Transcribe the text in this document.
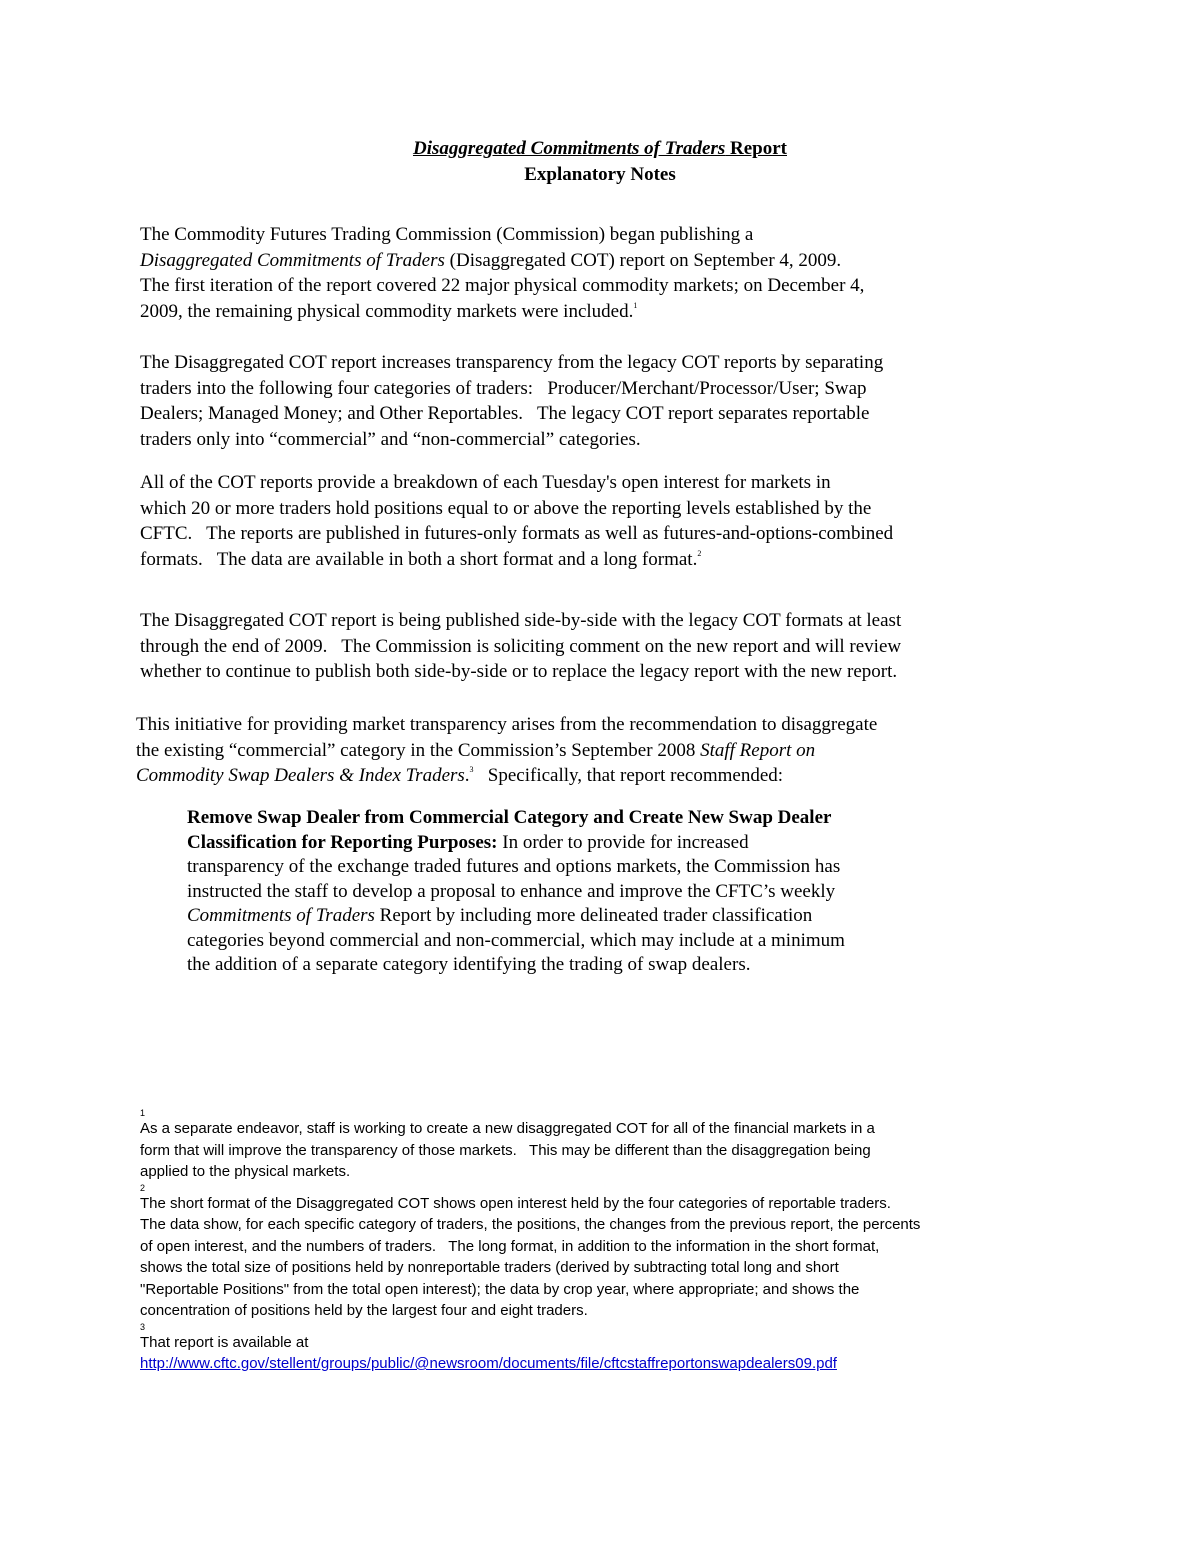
Disaggregated Commitments of Traders Report
Explanatory Notes
The Commodity Futures Trading Commission (Commission) began publishing a
Disaggregated Commitments of Traders (Disaggregated COT) report on September 4, 2009.
The first iteration of the report covered 22 major physical commodity markets; on December 4,
2009, the remaining physical commodity markets were included.$^1$
The Disaggregated COT report increases transparency from the legacy COT reports by separating
traders into the following four categories of traders:   Producer/Merchant/Processor/User; Swap
Dealers; Managed Money; and Other Reportables.   The legacy COT report separates reportable
traders only into “commercial” and “non-commercial” categories.
All of the COT reports provide a breakdown of each Tuesday's open interest for markets in
which 20 or more traders hold positions equal to or above the reporting levels established by the
CFTC.   The reports are published in futures-only formats as well as futures-and-options-combined
formats.   The data are available in both a short format and a long format.$^2$
The Disaggregated COT report is being published side-by-side with the legacy COT formats at least
through the end of 2009.   The Commission is soliciting comment on the new report and will review
whether to continue to publish both side-by-side or to replace the legacy report with the new report.
This initiative for providing market transparency arises from the recommendation to disaggregate
the existing “commercial” category in the Commission’s September 2008 Staff Report on
Commodity Swap Dealers & Index Traders.$^3$   Specifically, that report recommended:
Remove Swap Dealer from Commercial Category and Create New Swap Dealer
Classification for Reporting Purposes: In order to provide for increased
transparency of the exchange traded futures and options markets, the Commission has
instructed the staff to develop a proposal to enhance and improve the CFTC’s weekly
Commitments of Traders Report by including more delineated trader classification
categories beyond commercial and non-commercial, which may include at a minimum
the addition of a separate category identifying the trading of swap dealers.
1
As a separate endeavor, staff is working to create a new disaggregated COT for all of the financial markets in a
form that will improve the transparency of those markets.   This may be different than the disaggregation being
applied to the physical markets.
2
The short format of the Disaggregated COT shows open interest held by the four categories of reportable traders.
The data show, for each specific category of traders, the positions, the changes from the previous report, the percents
of open interest, and the numbers of traders.   The long format, in addition to the information in the short format,
shows the total size of positions held by nonreportable traders (derived by subtracting total long and short
"Reportable Positions" from the total open interest); the data by crop year, where appropriate; and shows the
concentration of positions held by the largest four and eight traders.
3
That report is available at
http://www.cftc.gov/stellent/groups/public/@newsroom/documents/file/cftcstaffreportonswapdealers09.pdf
